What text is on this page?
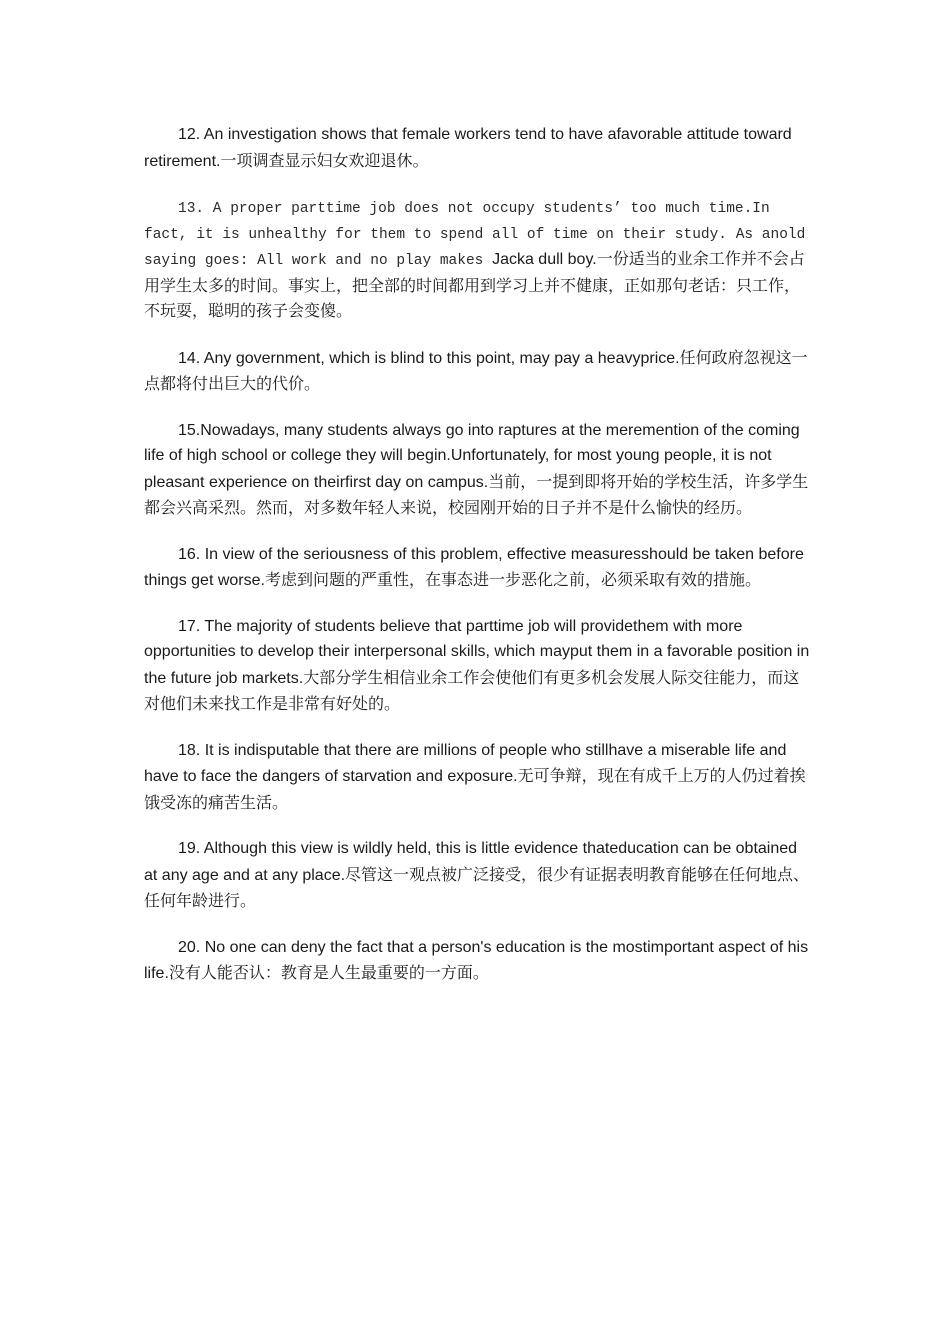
12. An investigation shows that female workers tend to have afavorable attitude toward retirement.一项调查显示妇女欢迎退休。

13. A proper parttime job does not occupy students’ too much time.In fact, it is unhealthy for them to spend all of time on their study. As anold saying goes: All work and no play makes Jacka dull boy.一份适当的业余工作并不会占用学生太多的时间。事实上，把全部的时间都用到学习上并不健康，正如那句老话：只工作，不玩耍，聪明的孩子会变傻。

14. Any government, which is blind to this point, may pay a heavyprice.任何政府忽视这一点都将付出巨大的代价。

15.Nowadays, many students always go into raptures at the meremention of the coming life of high school or college they will begin.Unfortunately, for most young people, it is not pleasant experience on theirfirst day on campus.当前，一提到即将开始的学校生活，许多学生都会兴高采烈。然而，对多数年轻人来说，校园刚开始的日子并不是什么愉快的经历。

16. In view of the seriousness of this problem, effective measuresshould be taken before things get worse.考虑到问题的严重性，在事态进一步恶化之前，必须采取有效的措施。

17. The majority of students believe that parttime job will providethem with more opportunities to develop their interpersonal skills, which mayput them in a favorable position in the future job markets.大部分学生相信业余工作会使他们有更多机会发展人际交往能力，而这对他们未来找工作是非常有好处的。

18. It is indisputable that there are millions of people who stillhave a miserable life and have to face the dangers of starvation and exposure.无可争辩，现在有成千上万的人仍过着挨饿受冻的痛苦生活。

19. Although this view is wildly held, this is little evidence thateducation can be obtained at any age and at any place.尽管这一观点被广泛接受，很少有证据表明教育能够在任何地点、任何年龄进行。

20. No one can deny the fact that a person's education is the mostimportant aspect of his life.没有人能否认：教育是人生最重要的一方面。
